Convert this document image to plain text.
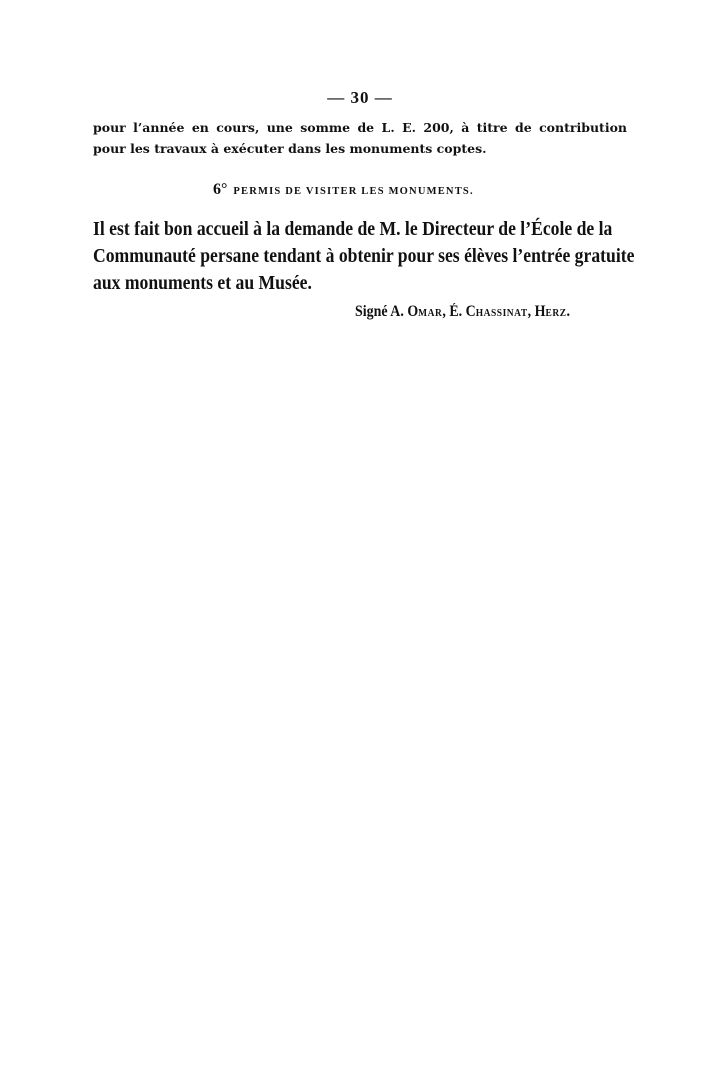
— 30 —

pour l’année en cours, une somme de L. E. 200, à titre de contribution

pour les travaux à exécuter dans les monuments coptes.

6° PERMIS DE VISITER LES MONUMENTS.

Il est fait bon accueil à la demande de M. le Directeur de l’École de la

Communauté persane tendant à obtenir pour ses élèves l’entrée gratuite

aux monuments et au Musée.

Signé A. OMAR, É. CHASSINAT, HERZ.
